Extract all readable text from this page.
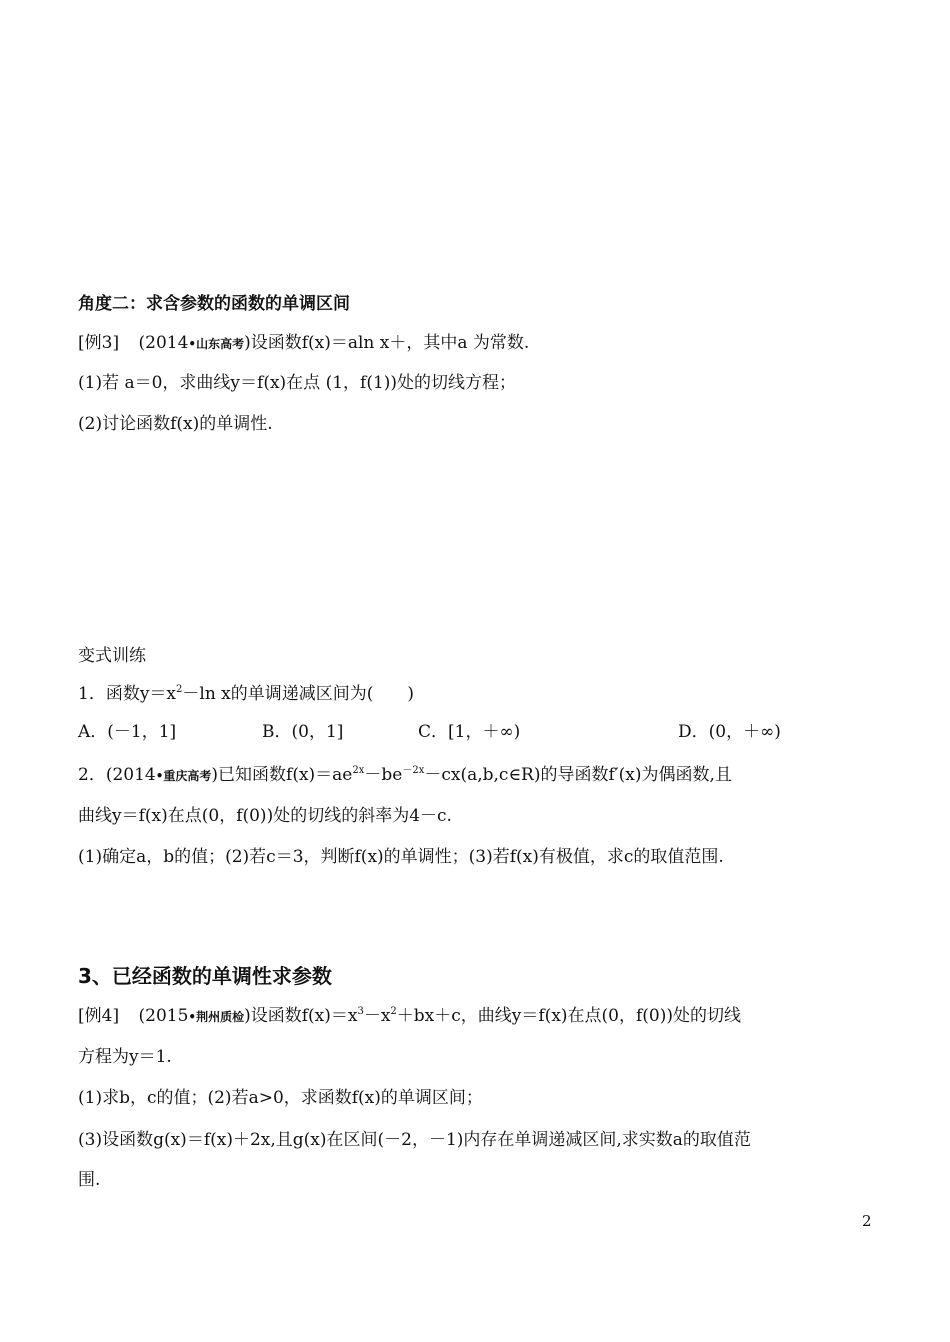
角度二：求含参数的函数的单调区间
[例3] (2014•山东高考)设函数f(x)＝aln x＋，其中a 为常数.
(1)若 a＝0，求曲线y＝f(x)在点 (1，f(1))处的切线方程；
(2)讨论函数f(x)的单调性.
变式训练
1．函数$y=x^2-\ln$ x的单调递减区间为(　　)
A．(－1，1]	B．(0，1]	C．[1，＋∞)	D．(0，＋∞)
2．(2014•重庆高考)已知函数$f(x)=ae^{2x}-be^{-2x}-cx(a,b,c\in R)$的导函数f′(x)为偶函数,且
曲线y＝f(x)在点(0，f(0))处的切线的斜率为4－c.
(1)确定a，b的值；(2)若c＝3，判断f(x)的单调性；(3)若f(x)有极值，求c的取值范围.
3、已经函数的单调性求参数
[例4] (2015•荆州质检)设函数$f(x)=x^3-x^2+bx+c$，曲线y＝f(x)在点(0，f(0))处的切线
方程为y＝1.
(1)求b，c的值；(2)若a>0，求函数f(x)的单调区间；
(3)设函数g(x)＝f(x)＋2x,且g(x)在区间(－2，－1)内存在单调递减区间,求实数a的取值范
围.
2
